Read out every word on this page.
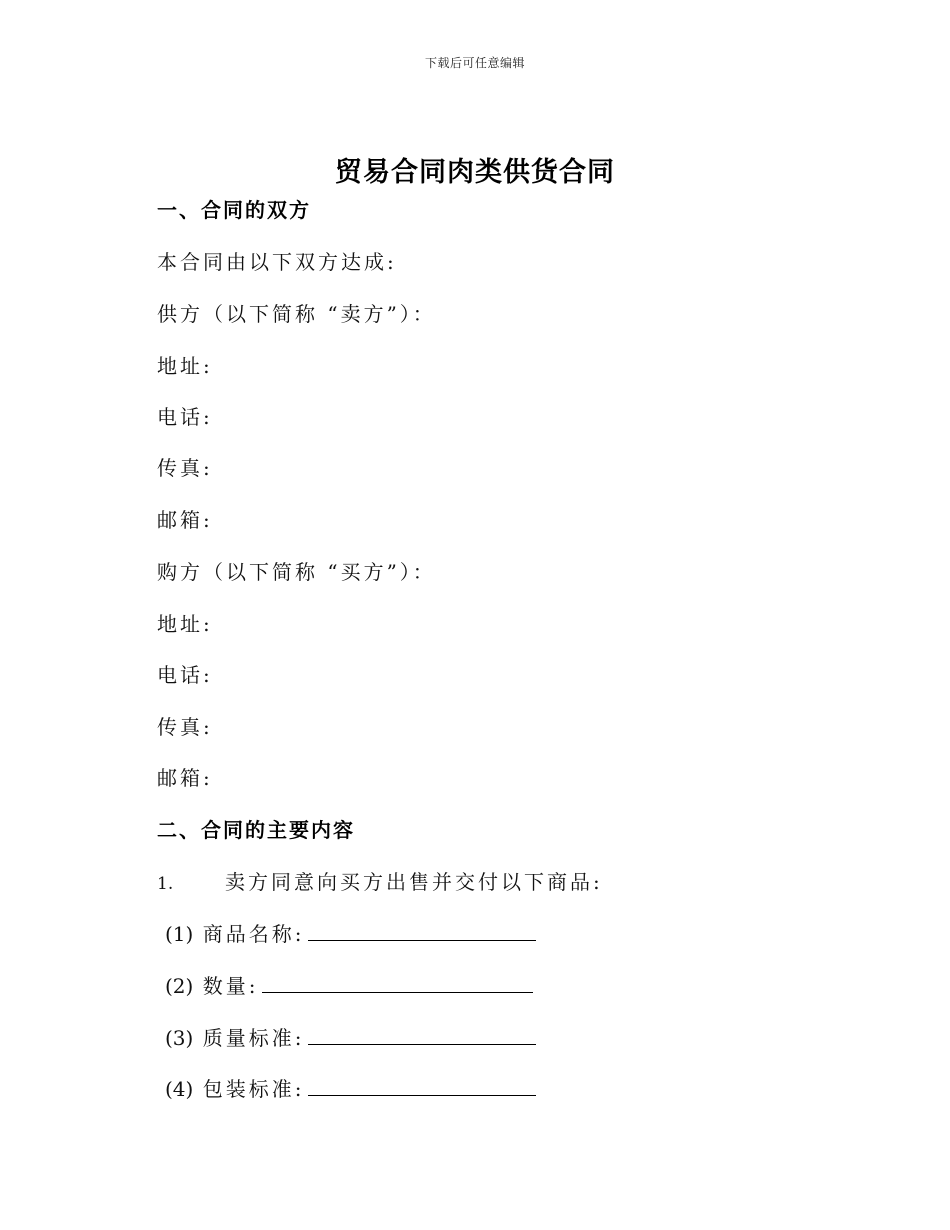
下载后可任意编辑
贸易合同肉类供货合同
一、合同的双方
本合同由以下双方达成:
供方（以下简称 “卖方”）：
地址:
电话:
传真:
邮箱:
购方（以下简称 “买方”）：
地址:
电话:
传真:
邮箱:
二、合同的主要内容
1.	卖方同意向买方出售并交付以下商品:
(1) 商品名称:
(2) 数量:
(3) 质量标准:
(4) 包装标准:
